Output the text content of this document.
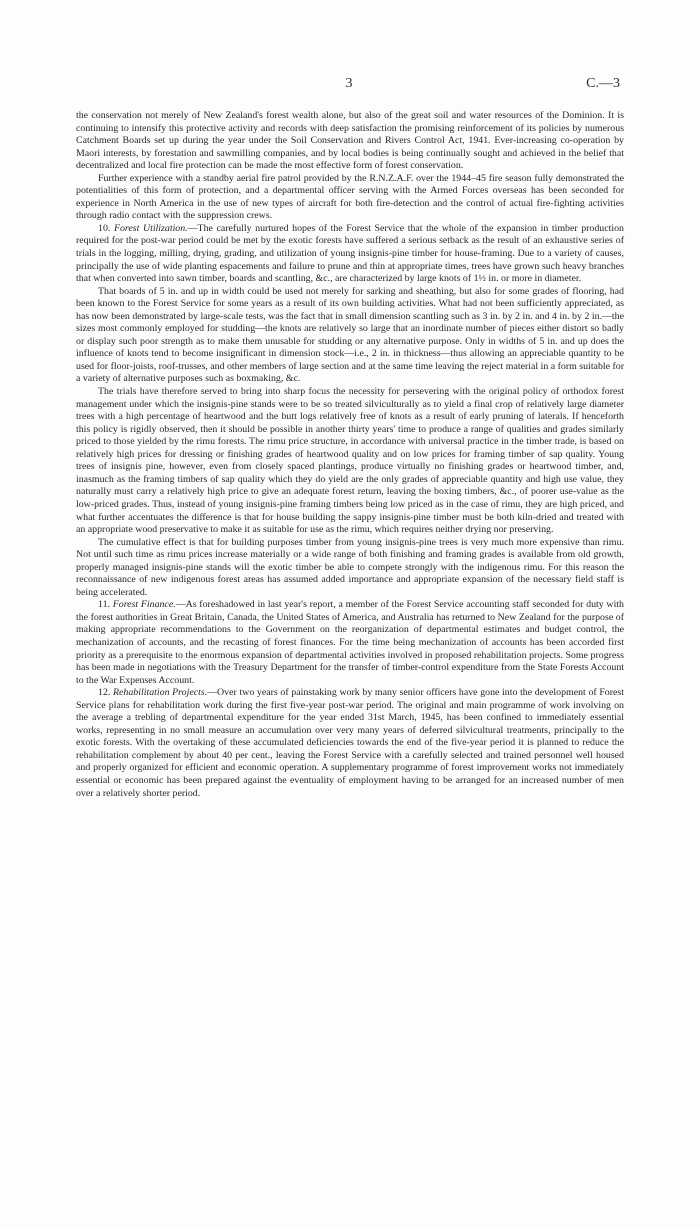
3	C.—3

the conservation not merely of New Zealand's forest wealth alone, but also of the great soil and water resources of the Dominion. It is continuing to intensify this protective activity and records with deep satisfaction the promising reinforcement of its policies by numerous Catchment Boards set up during the year under the Soil Conservation and Rivers Control Act, 1941. Ever-increasing co-operation by Maori interests, by forestation and sawmilling companies, and by local bodies is being continually sought and achieved in the belief that decentralized and local fire protection can be made the most effective form of forest conservation.

Further experience with a standby aerial fire patrol provided by the R.N.Z.A.F. over the 1944–45 fire season fully demonstrated the potentialities of this form of protection, and a departmental officer serving with the Armed Forces overseas has been seconded for experience in North America in the use of new types of aircraft for both fire-detection and the control of actual fire-fighting activities through radio contact with the suppression crews.

10. Forest Utilization.—The carefully nurtured hopes of the Forest Service that the whole of the expansion in timber production required for the post-war period could be met by the exotic forests have suffered a serious setback as the result of an exhaustive series of trials in the logging, milling, drying, grading, and utilization of young insignis-pine timber for house-framing. Due to a variety of causes, principally the use of wide planting espacements and failure to prune and thin at appropriate times, trees have grown such heavy branches that when converted into sawn timber, boards and scantling, &c., are characterized by large knots of 1½ in. or more in diameter.

That boards of 5 in. and up in width could be used not merely for sarking and sheathing, but also for some grades of flooring, had been known to the Forest Service for some years as a result of its own building activities. What had not been sufficiently appreciated, as has now been demonstrated by large-scale tests, was the fact that in small dimension scantling such as 3 in. by 2 in. and 4 in. by 2 in.—the sizes most commonly employed for studding—the knots are relatively so large that an inordinate number of pieces either distort so badly or display such poor strength as to make them unusable for studding or any alternative purpose. Only in widths of 5 in. and up does the influence of knots tend to become insignificant in dimension stock—i.e., 2 in. in thickness—thus allowing an appreciable quantity to be used for floor-joists, roof-trusses, and other members of large section and at the same time leaving the reject material in a form suitable for a variety of alternative purposes such as boxmaking, &c.

The trials have therefore served to bring into sharp focus the necessity for persevering with the original policy of orthodox forest management under which the insignis-pine stands were to be so treated silviculturally as to yield a final crop of relatively large diameter trees with a high percentage of heartwood and the butt logs relatively free of knots as a result of early pruning of laterals. If henceforth this policy is rigidly observed, then it should be possible in another thirty years' time to produce a range of qualities and grades similarly priced to those yielded by the rimu forests. The rimu price structure, in accordance with universal practice in the timber trade, is based on relatively high prices for dressing or finishing grades of heartwood quality and on low prices for framing timber of sap quality. Young trees of insignis pine, however, even from closely spaced plantings, produce virtually no finishing grades or heartwood timber, and, inasmuch as the framing timbers of sap quality which they do yield are the only grades of appreciable quantity and high use value, they naturally must carry a relatively high price to give an adequate forest return, leaving the boxing timbers, &c., of poorer use-value as the low-priced grades. Thus, instead of young insignis-pine framing timbers being low priced as in the case of rimu, they are high priced, and what further accentuates the difference is that for house building the sappy insignis-pine timber must be both kiln-dried and treated with an appropriate wood preservative to make it as suitable for use as the rimu, which requires neither drying nor preserving.

The cumulative effect is that for building purposes timber from young insignis-pine trees is very much more expensive than rimu. Not until such time as rimu prices increase materially or a wide range of both finishing and framing grades is available from old growth, properly managed insignis-pine stands will the exotic timber be able to compete strongly with the indigenous rimu. For this reason the reconnaissance of new indigenous forest areas has assumed added importance and appropriate expansion of the necessary field staff is being accelerated.

11. Forest Finance.—As foreshadowed in last year's report, a member of the Forest Service accounting staff seconded for duty with the forest authorities in Great Britain, Canada, the United States of America, and Australia has returned to New Zealand for the purpose of making appropriate recommendations to the Government on the reorganization of departmental estimates and budget control, the mechanization of accounts, and the recasting of forest finances. For the time being mechanization of accounts has been accorded first priority as a prerequisite to the enormous expansion of departmental activities involved in proposed rehabilitation projects. Some progress has been made in negotiations with the Treasury Department for the transfer of timber-control expenditure from the State Forests Account to the War Expenses Account.

12. Rehabilitation Projects.—Over two years of painstaking work by many senior officers have gone into the development of Forest Service plans for rehabilitation work during the first five-year post-war period. The original and main programme of work involving on the average a trebling of departmental expenditure for the year ended 31st March, 1945, has been confined to immediately essential works, representing in no small measure an accumulation over very many years of deferred silvicultural treatments, principally to the exotic forests. With the overtaking of these accumulated deficiencies towards the end of the five-year period it is planned to reduce the rehabilitation complement by about 40 per cent., leaving the Forest Service with a carefully selected and trained personnel well housed and properly organized for efficient and economic operation. A supplementary programme of forest improvement works not immediately essential or economic has been prepared against the eventuality of employment having to be arranged for an increased number of men over a relatively shorter period.
